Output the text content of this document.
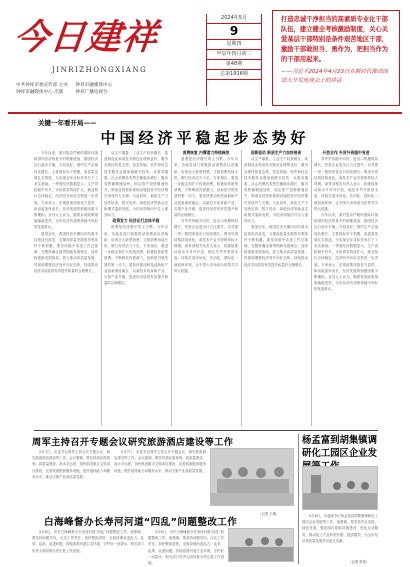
今日建祥
JINRIZHONGXIANG
中共钟祥市委宣传部 主办
钟祥市融媒体中心 出版 钟祥市融媒体中心
钟祥广播电视台
2024年5月
9
星期四
甲辰年四月初二
第48期
总第1916期
打造忠诚干净担当的高素质专业化干部队伍，建立健全考核激励制度，关心关爱基层干部特别是条件艰苦地区干部，激励干部敢担当、勇作为，把担当作为的干部用起来。
——习近平2024年4月23日在新时代推动西部大开发座谈会上的讲话
关键一年看开局——
中国经济平稳起步态势好

今年以来，面对复杂严峻的国际环境和国内经济恢复中的困难挑战，我国经济运行起步平稳、开局良好。国内生产总值同比增长，主要指标好于预期，高质量发展扎实推进，为实现全年目标任务打下了坚实基础。一季度经济数据显示，生产供给稳中有升，市场需求持续扩大，就业物价总体稳定，经济回升向好态势进一步巩固。专家表示，宏观政策持续发力显效，新动能加快成长，经济发展的积极因素不断累积。业内人士认为，随着各项政策措施落地见效，全年经济有望保持稳中向好的发展势头。

展望全年，我国经济长期向好的基本趋势没有改变，支撑高质量发展的有利条件不断积累。要坚持稳中求进工作总基调，完整准确全面贯彻新发展理念，加快构建新发展格局，着力推动高质量发展，巩固和增强经济回升向好态势，持续推动经济实现质的有效提升和量的合理增长。

从生产端看，工业生产较快增长，装备制造业和高技术制造业增势良好，服务业保持恢复态势，信息传输、软件和信息技术服务业增加值增长较快。从需求端看，社会消费品零售总额稳步增长，服务零售额增速加快，固定资产投资增速回升，制造业投资和基础设施投资对经济增长形成有力支撑。与此同时，新质生产力加快培育，数字经济、绿色经济等新业态新模式蓬勃发展，为经济持续回升注入强劲动力。

政策发力 经济运行总体平稳

消费是经济增长的主引擎。今年以来，各地各部门积极推动消费品以旧换新，培育壮大新型消费，文旅消费持续火热，假日经济活力十足。专家指出，要进一步稳定和扩大传统消费，积极培育新型消费，不断释放内需潜力。创新是引领发展的第一动力，要加快推动科技创新和产业创新深度融合，以新技术培育新产业、引领产业升级，促进经济质的有效提升和量的合理增长。

消费恢复 内需潜力持续释放

消费是经济增长的主引擎。今年以来，各地各部门积极推动消费品以旧换新，培育壮大新型消费，文旅消费持续火热，假日经济活力十足。专家指出，要进一步稳定和扩大传统消费，积极培育新型消费，不断释放内需潜力。创新是引领发展的第一动力，要加快推动科技创新和产业创新深度融合，以新技术培育新产业、引领产业升级，促进经济质的有效提升和量的合理增长。

对外贸易稳中向好，进出口规模保持增长，民营企业进出口占比提升，对共建一带一路国家进出口较快增长。利用外资结构持续优化，高技术产业引资保持较大规模。商务部相关负责人表示，将继续推动高水平对外开放，稳住外贸外资基本盘，持续打造市场化、法治化、国际化一流营商环境，让中国大市场成为世界共享的大机遇。

创新驱动 新质生产力加快培育

从生产端看，工业生产较快增长，装备制造业和高技术制造业增势良好，服务业保持恢复态势，信息传输、软件和信息技术服务业增加值增长较快。从需求端看，社会消费品零售总额稳步增长，服务零售额增速加快，固定资产投资增速回升，制造业投资和基础设施投资对经济增长形成有力支撑。与此同时，新质生产力加快培育，数字经济、绿色经济等新业态新模式蓬勃发展，为经济持续回升注入强劲动力。

展望全年，我国经济长期向好的基本趋势没有改变，支撑高质量发展的有利条件不断积累。要坚持稳中求进工作总基调，完整准确全面贯彻新发展理念，加快构建新发展格局，着力推动高质量发展，巩固和增强经济回升向好态势，持续推动经济实现质的有效提升和量的合理增长。

开放合作 外贸外资稳中有进

对外贸易稳中向好，进出口规模保持增长，民营企业进出口占比提升，对共建一带一路国家进出口较快增长。利用外资结构持续优化，高技术产业引资保持较大规模。商务部相关负责人表示，将继续推动高水平对外开放，稳住外贸外资基本盘，持续打造市场化、法治化、国际化一流营商环境，让中国大市场成为世界共享的大机遇。

今年以来，面对复杂严峻的国际环境和国内经济恢复中的困难挑战，我国经济运行起步平稳、开局良好。国内生产总值同比增长，主要指标好于预期，高质量发展扎实推进，为实现全年目标任务打下了坚实基础。一季度经济数据显示，生产供给稳中有升，市场需求持续扩大，就业物价总体稳定，经济回升向好态势进一步巩固。专家表示，宏观政策持续发力显效，新动能加快成长，经济发展的积极因素不断累积。业内人士认为，随着各项政策措施落地见效，全年经济有望保持稳中向好的发展势头。

周军主持召开专题会议研究旅游酒店建设等工作

5月7日，市委书记周军主持召开专题会议，研究旅游酒店建设等工作。会议强调，要坚持高标准规划、高质量建设、高水平运营，加快推进重点文旅项目建设，完善旅游配套服务设施，提升接待能力和服务水平，推动文旅产业高质量发展。

5月7日，市委书记周军主持召开专题会议，研究旅游酒店建设等工作。会议强调，要坚持高标准规划、高质量建设、高水平运营，加快推进重点文旅项目建设，完善旅游配套服务设施，提升接待能力和服务水平，推动文旅产业高质量发展。

（记者 王敏）
白海峰督办长寿河河道“四乱”问题整改工作

5月8日，市长白海峰督办长寿河河道“四乱”问题整改工作。他强调，要坚持问题导向，压实工作责任，加快整改进度，全面清理河道乱占、乱采、乱堆、乱建问题，持续改善河道生态环境，守护好一河碧水。相关部门负责人陪同督办并汇报工作进展。

5月8日，市长白海峰督办长寿河河道“四乱”问题整改工作。他强调，要坚持问题导向，压实工作责任，加快整改进度，全面清理河道乱占、乱采、乱堆、乱建问题，持续改善河道生态环境，守护好一河碧水。相关部门负责人陪同督办并汇报工作进展。

杨孟富到胡集镇调研化工园区企业发

5月8日，市委副书记杨孟富到胡集镇调研化工园区企业发展等工作。他强调，要坚持安全发展、绿色发展，强化园区基础设施建设，优化企业服务，推动化工产业转型升级、提质增效，为全市经济高质量发展作出更大贡献。

（记者 张伟）
